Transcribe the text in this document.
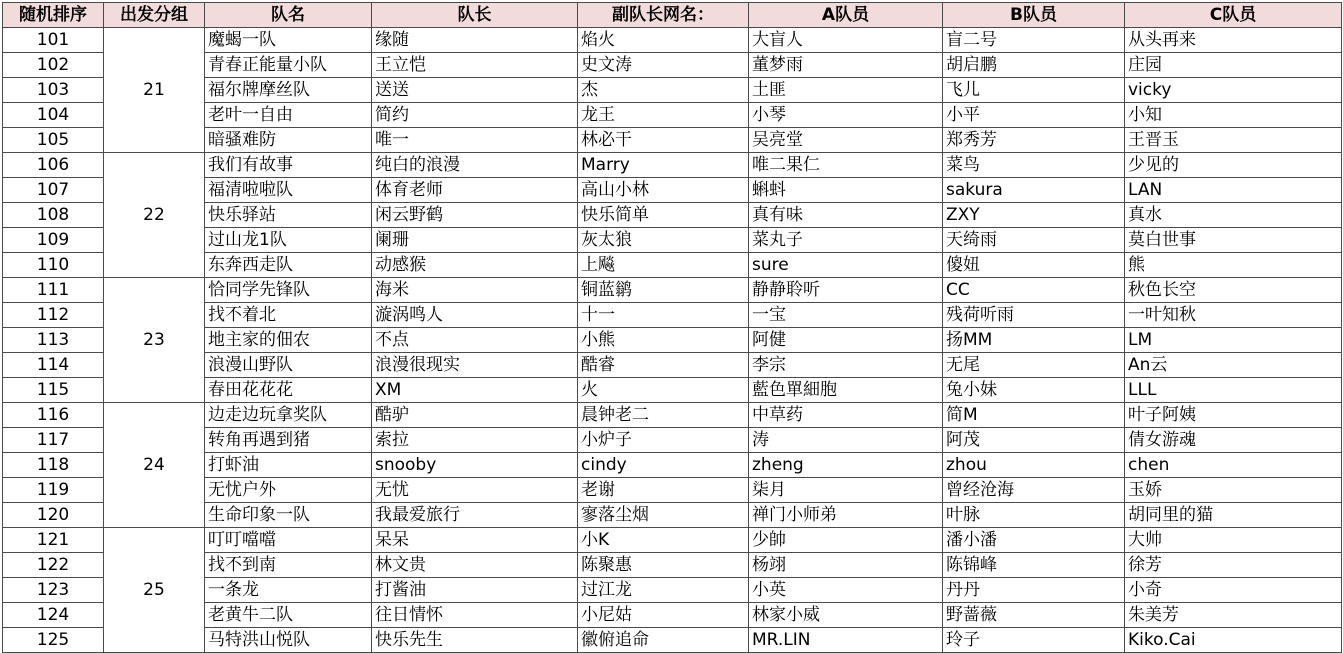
随机排序	出发分组	队名	队长	副队长网名：	A队员	B队员	C队员
101	21	魔蝎一队	缘随	焰火	大盲人	盲二号	从头再来
102		青春正能量小队	王立恺	史文涛	董梦雨	胡启鹏	庄园
103		福尔牌摩丝队	送送	杰	土匪	飞儿	vicky
104		老叶一自由	简约	龙王	小琴	小平	小知
105		暗骚难防	唯一	林必干	吴亮堂	郑秀芳	王晋玉
106	22	我们有故事	纯白的浪漫	Marry	唯二果仁	菜鸟	少见的
107		福清啦啦队	体育老师	高山小林	蝌蚪	sakura	LAN
108		快乐驿站	闲云野鹤	快乐简单	真有味	ZXY	真水
109		过山龙1队	阑珊	灰太狼	菜丸子	天绮雨	莫白世事
110		东奔西走队	动感猴	上飚	sure	傻妞	熊
111	23	恰同学先锋队	海米	铜蓝鹟	静静聆听	CC	秋色长空
112		找不着北	漩涡鸣人	十一	一宝	残荷听雨	一叶知秋
113		地主家的佃农	不点	小熊	阿健	扬MM	LM
114		浪漫山野队	浪漫很现实	酷睿	李宗	无尾	An云
115		春田花花花	XM	火	藍色單細胞	兔小妹	LLL
116	24	边走边玩拿奖队	酷驴	晨钟老二	中草药	简M	叶子阿姨
117		转角再遇到猪	索拉	小炉子	涛	阿茂	倩女游魂
118		打虾油	snooby	cindy	zheng	zhou	chen
119		无忧户外	无忧	老谢	柒月	曾经沧海	玉娇
120		生命印象一队	我最爱旅行	寥落尘烟	禅门小师弟	叶脉	胡同里的猫
121	25	叮叮噹噹	呆呆	小K	少帥	潘小潘	大帅
122		找不到南	林文贵	陈聚惠	杨翊	陈锦峰	徐芳
123		一条龙	打酱油	过江龙	小英	丹丹	小奇
124		老黄牛二队	往日情怀	小尼姑	林家小威	野蔷薇	朱美芳
125		马特洪山悦队	快乐先生	徽俯追命	MR.LIN	玲子	Kiko.Cai
